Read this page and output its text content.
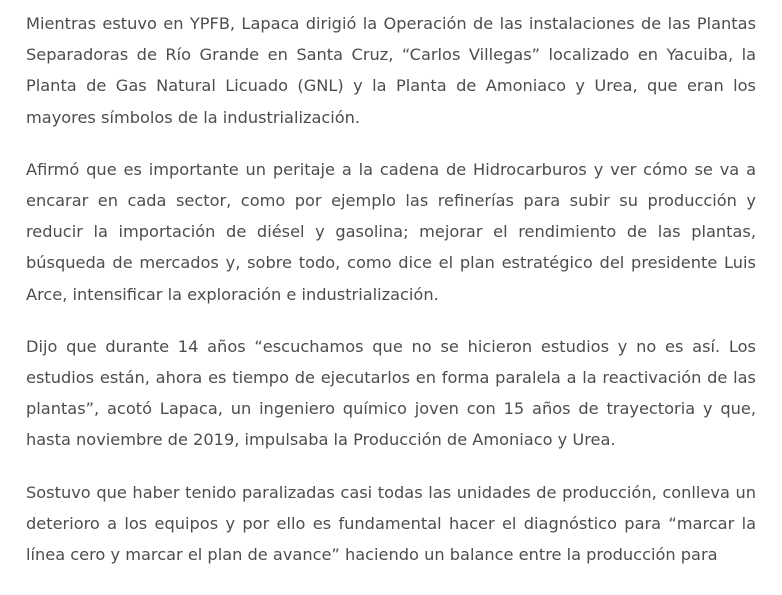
Mientras estuvo en YPFB, Lapaca dirigió la Operación de las instalaciones de las Plantas Separadoras de Río Grande en Santa Cruz, “Carlos Villegas” localizado en Yacuiba, la Planta de Gas Natural Licuado (GNL) y la Planta de Amoniaco y Urea, que eran los mayores símbolos de la industrialización.

Afirmó que es importante un peritaje a la cadena de Hidrocarburos y ver cómo se va a encarar en cada sector, como por ejemplo las refinerías para subir su producción y reducir la importación de diésel y gasolina; mejorar el rendimiento de las plantas, búsqueda de mercados y, sobre todo, como dice el plan estratégico del presidente Luis Arce, intensificar la exploración e industrialización.

Dijo que durante 14 años “escuchamos que no se hicieron estudios y no es así. Los estudios están, ahora es tiempo de ejecutarlos en forma paralela a la reactivación de las plantas”, acotó Lapaca, un ingeniero químico joven con 15 años de trayectoria y que, hasta noviembre de 2019, impulsaba la Producción de Amoniaco y Urea.

Sostuvo que haber tenido paralizadas casi todas las unidades de producción, conlleva un deterioro a los equipos y por ello es fundamental hacer el diagnóstico para “marcar la línea cero y marcar el plan de avance” haciendo un balance entre la producción para
